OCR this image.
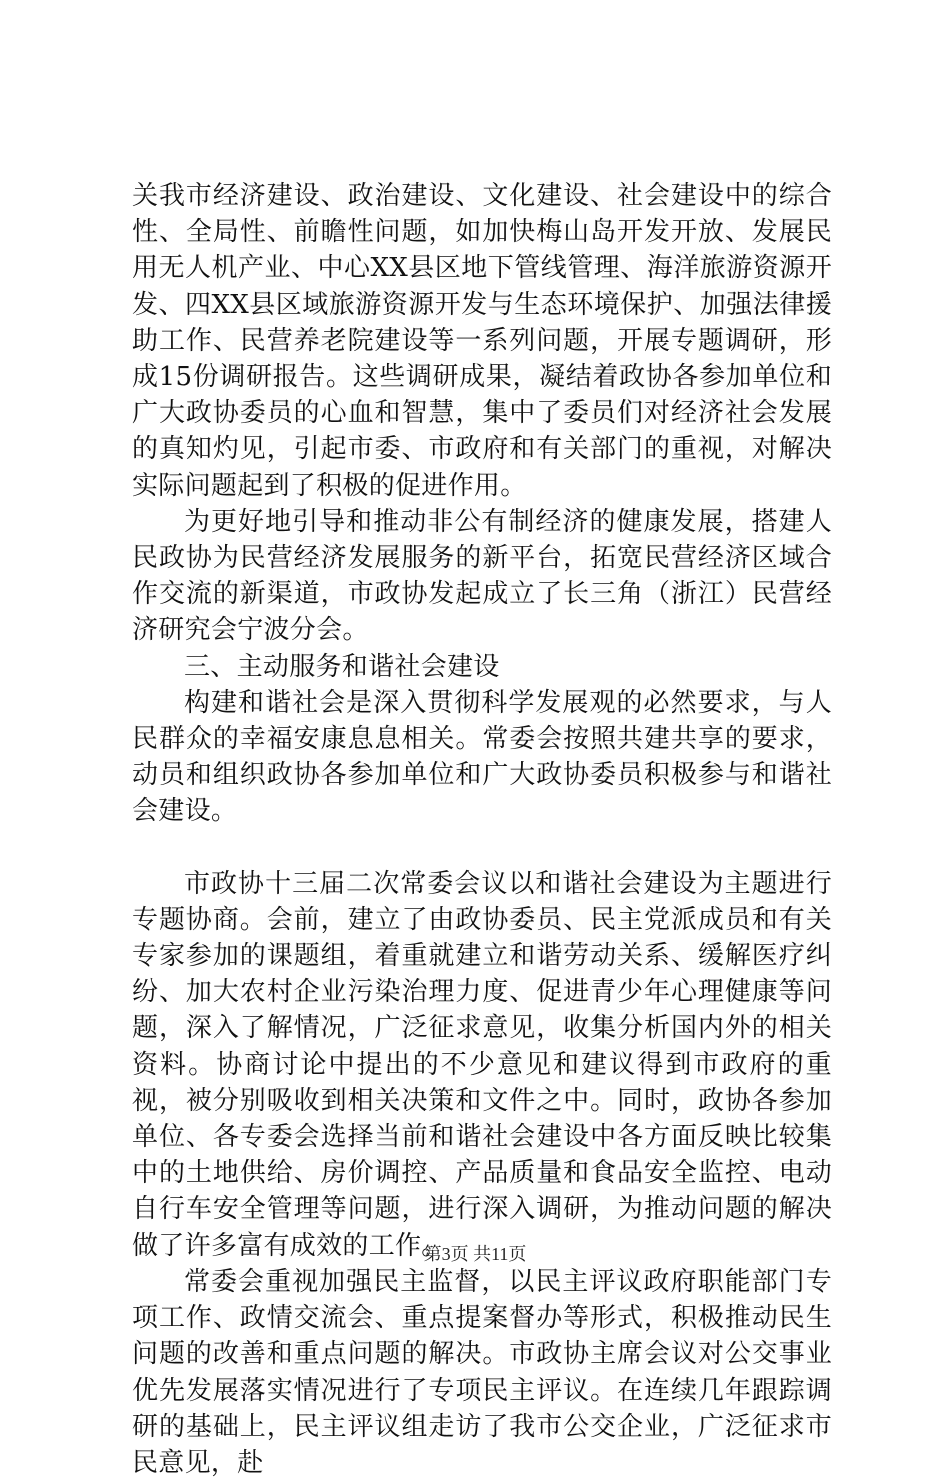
关我市经济建设、政治建设、文化建设、社会建设中的综合性、全局性、前瞻性问题，如加快梅山岛开发开放、发展民用无人机产业、中心XX县区地下管线管理、海洋旅游资源开发、四XX县区域旅游资源开发与生态环境保护、加强法律援助工作、民营养老院建设等一系列问题，开展专题调研，形成15份调研报告。这些调研成果，凝结着政协各参加单位和广大政协委员的心血和智慧，集中了委员们对经济社会发展的真知灼见，引起市委、市政府和有关部门的重视，对解决实际问题起到了积极的促进作用。

为更好地引导和推动非公有制经济的健康发展，搭建人民政协为民营经济发展服务的新平台，拓宽民营经济区域合作交流的新渠道，市政协发起成立了长三角（浙江）民营经济研究会宁波分会。

三、主动服务和谐社会建设

构建和谐社会是深入贯彻科学发展观的必然要求，与人民群众的幸福安康息息相关。常委会按照共建共享的要求，动员和组织政协各参加单位和广大政协委员积极参与和谐社会建设。

市政协十三届二次常委会议以和谐社会建设为主题进行专题协商。会前，建立了由政协委员、民主党派成员和有关专家参加的课题组，着重就建立和谐劳动关系、缓解医疗纠纷、加大农村企业污染治理力度、促进青少年心理健康等问题，深入了解情况，广泛征求意见，收集分析国内外的相关资料。协商讨论中提出的不少意见和建议得到市政府的重视，被分别吸收到相关决策和文件之中。同时，政协各参加单位、各专委会选择当前和谐社会建设中各方面反映比较集中的土地供给、房价调控、产品质量和食品安全监控、电动自行车安全管理等问题，进行深入调研，为推动问题的解决做了许多富有成效的工作。

常委会重视加强民主监督，以民主评议政府职能部门专项工作、政情交流会、重点提案督办等形式，积极推动民生问题的改善和重点问题的解决。市政协主席会议对公交事业优先发展落实情况进行了专项民主评议。在连续几年跟踪调研的基础上，民主评议组走访了我市公交企业，广泛征求市民意见，赴

第3页 共11页
